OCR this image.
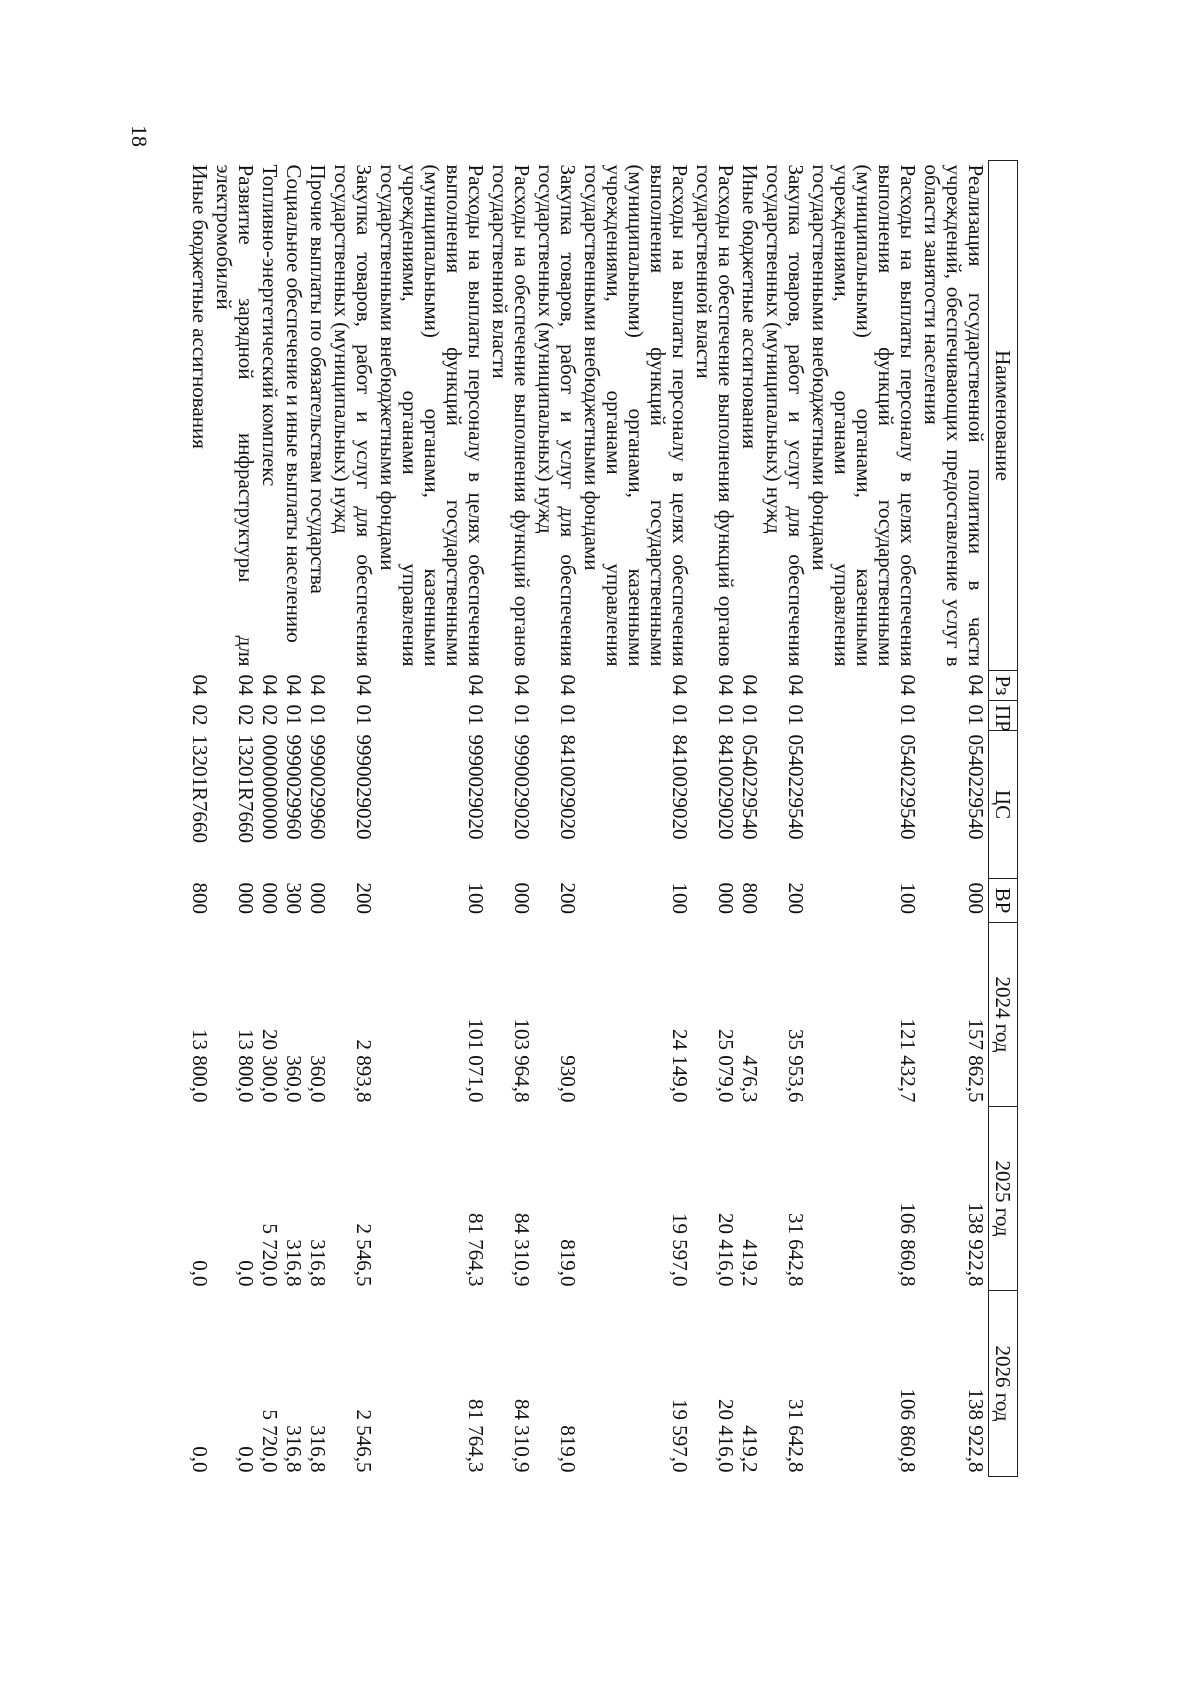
18
Наименование	Рз	ПР	ЦС	ВР	2024 год	2025 год	2026 год
Реализация государственной политики в части учреждений, обеспечивающих предоставление услуг в области занятости населения	04	01	0540229540	000	157 862,5	138 922,8	138 922,8
Расходы на выплаты персоналу в целях обеспечения выполнения функций государственными (муниципальными) органами, казенными учреждениями, органами управления государственными внебюджетными фондами	04	01	0540229540	100	121 432,7	106 860,8	106 860,8
Закупка товаров, работ и услуг для обеспечения государственных (муниципальных) нужд	04	01	0540229540	200	35 953,6	31 642,8	31 642,8
Иные бюджетные ассигнования	04	01	0540229540	800	476,3	419,2	419,2
Расходы на обеспечение выполнения функций органов государственной власти	04	01	8410029020	000	25 079,0	20 416,0	20 416,0
Расходы на выплаты персоналу в целях обеспечения выполнения функций государственными (муниципальными) органами, казенными учреждениями, органами управления государственными внебюджетными фондами	04	01	8410029020	100	24 149,0	19 597,0	19 597,0
Закупка товаров, работ и услуг для обеспечения государственных (муниципальных) нужд	04	01	8410029020	200	930,0	819,0	819,0
Расходы на обеспечение выполнения функций органов государственной власти	04	01	9990029020	000	103 964,8	84 310,9	84 310,9
Расходы на выплаты персоналу в целях обеспечения выполнения функций государственными (муниципальными) органами, казенными учреждениями, органами управления государственными внебюджетными фондами	04	01	9990029020	100	101 071,0	81 764,3	81 764,3
Закупка товаров, работ и услуг для обеспечения государственных (муниципальных) нужд	04	01	9990029020	200	2 893,8	2 546,5	2 546,5
Прочие выплаты по обязательствам государства	04	01	9990029960	000	360,0	316,8	316,8
Социальное обеспечение и иные выплаты населению	04	01	9990029960	300	360,0	316,8	316,8
Топливно-энергетический комплекс	04	02	0000000000	000	20 300,0	5 720,0	5 720,0
Развитие зарядной инфраструктуры для электромобилей	04	02	13201R7660	000	13 800,0	0,0	0,0
Иные бюджетные ассигнования	04	02	13201R7660	800	13 800,0	0,0	0,0
